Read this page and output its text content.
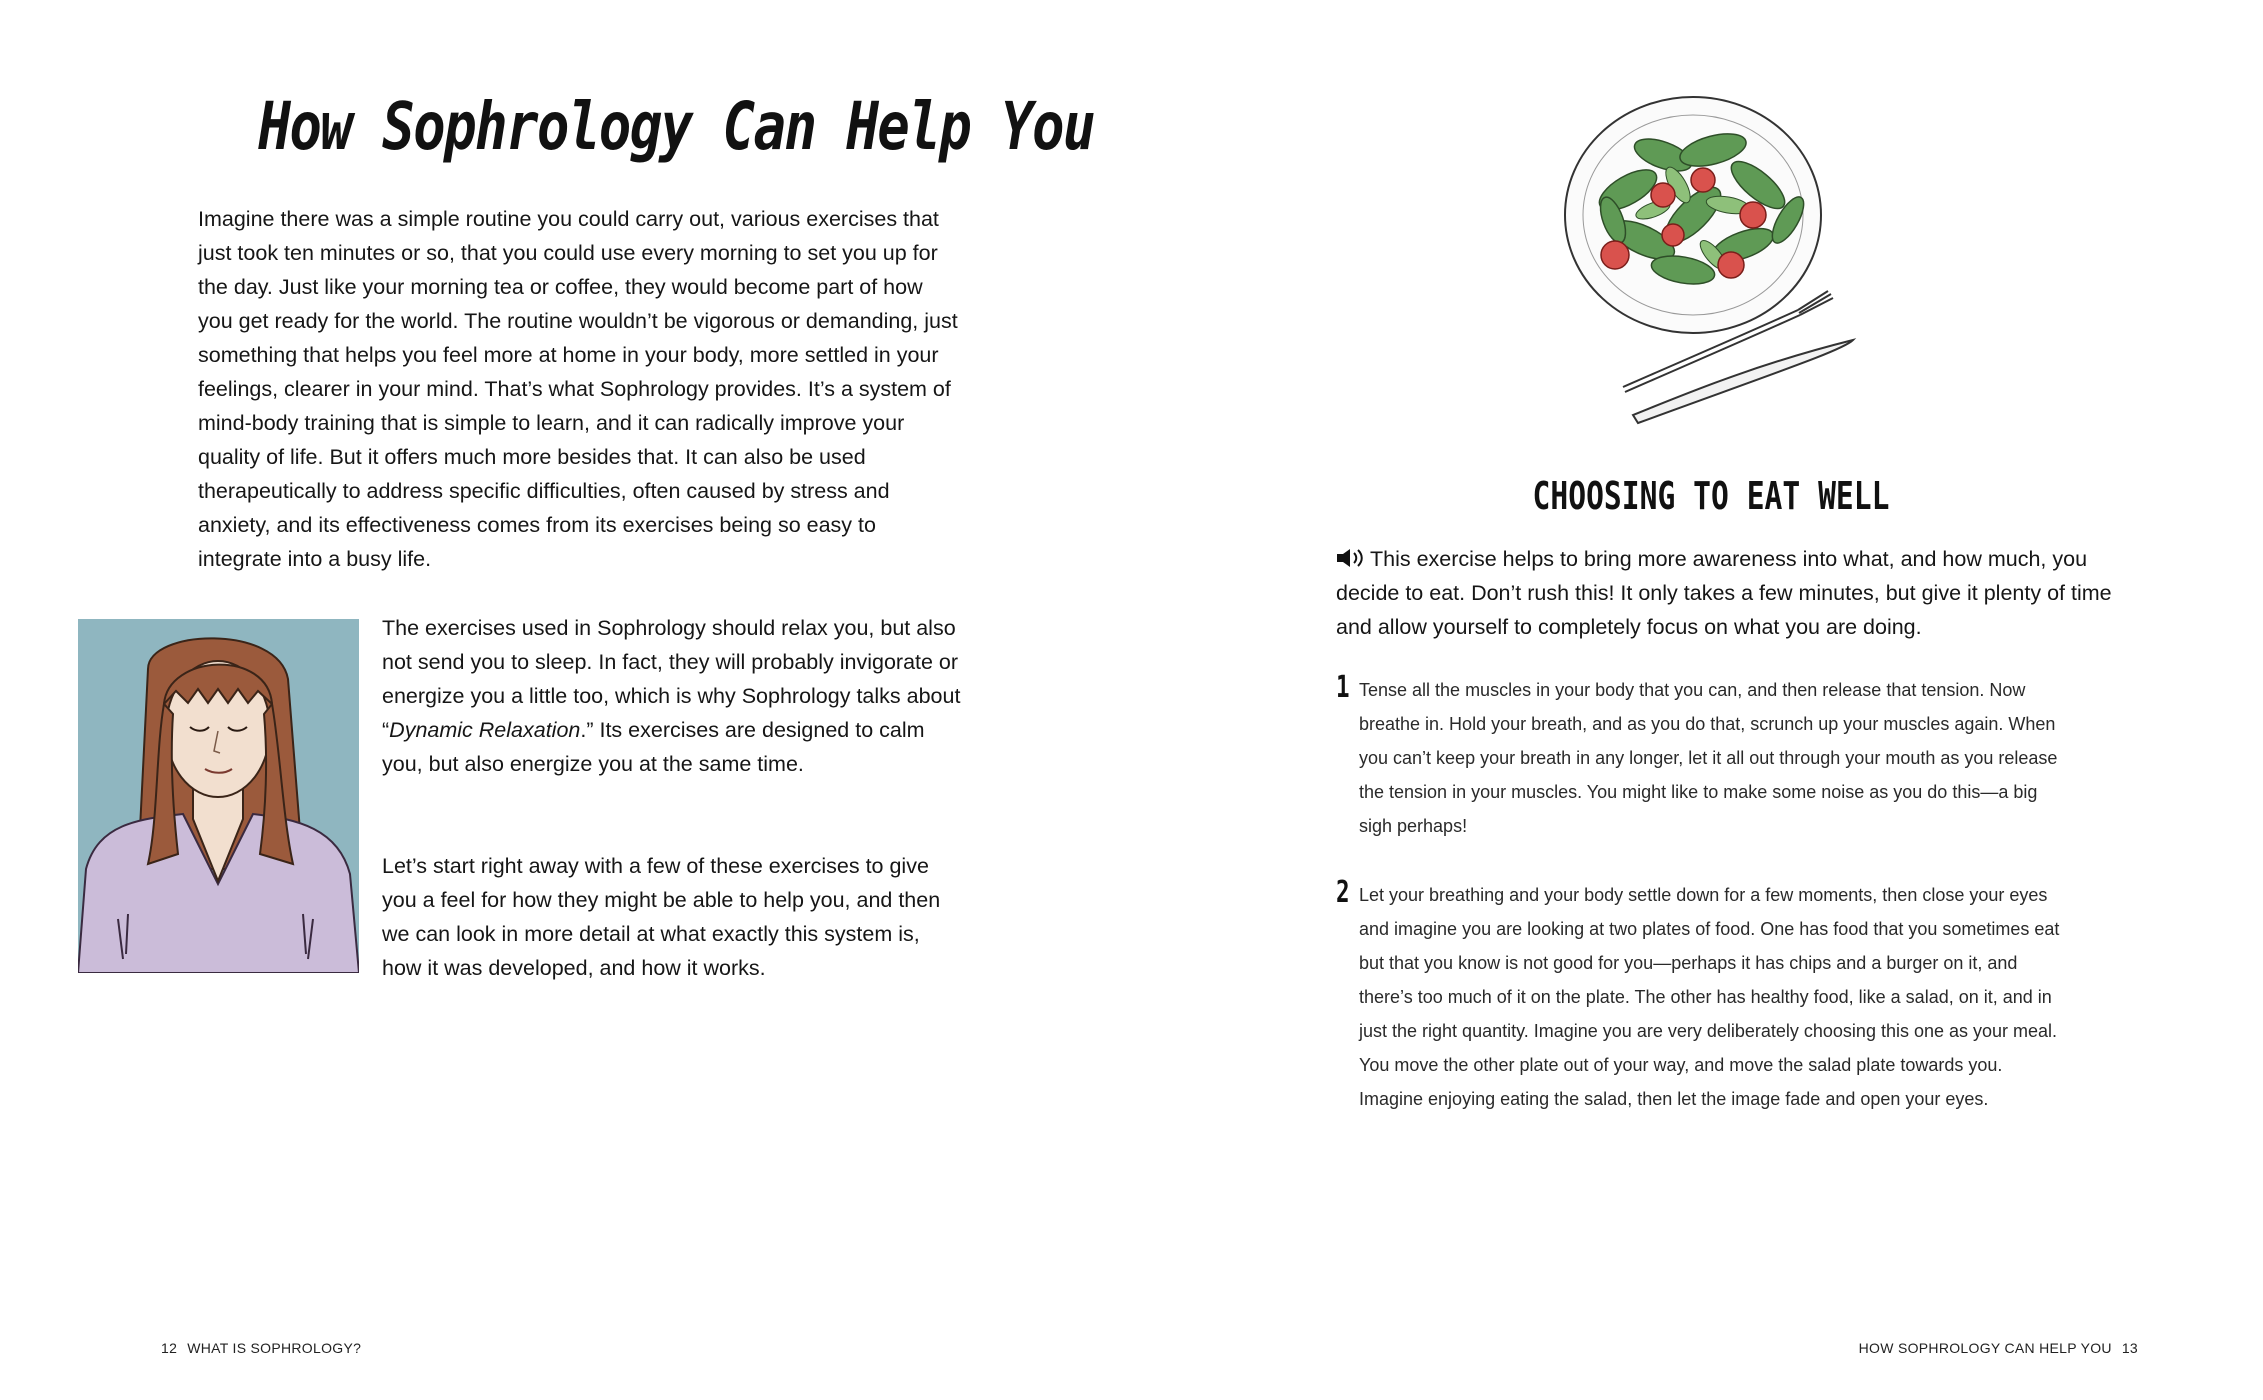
How Sophrology Can Help You

Imagine there was a simple routine you could carry out, various exercises that just took ten minutes or so, that you could use every morning to set you up for the day. Just like your morning tea or coffee, they would become part of how you get ready for the world. The routine wouldn’t be vigorous or demanding, just something that helps you feel more at home in your body, more settled in your feelings, clearer in your mind. That’s what Sophrology provides. It’s a system of mind-body training that is simple to learn, and it can radically improve your quality of life. But it offers much more besides that. It can also be used therapeutically to address specific difficulties, often caused by stress and anxiety, and its effectiveness comes from its exercises being so easy to integrate into a busy life.

The exercises used in Sophrology should relax you, but also not send you to sleep. In fact, they will probably invigorate or energize you a little too, which is why Sophrology talks about “Dynamic Relaxation.” Its exercises are designed to calm you, but also energize you at the same time.

Let’s start right away with a few of these exercises to give you a feel for how they might be able to help you, and then we can look in more detail at what exactly this system is, how it was developed, and how it works.

12 WHAT IS SOPHROLOGY?
CHOOSING TO EAT WELL

This exercise helps to bring more awareness into what, and how much, you decide to eat. Don’t rush this! It only takes a few minutes, but give it plenty of time and allow yourself to completely focus on what you are doing.

1 Tense all the muscles in your body that you can, and then release that tension. Now breathe in. Hold your breath, and as you do that, scrunch up your muscles again. When you can’t keep your breath in any longer, let it all out through your mouth as you release the tension in your muscles. You might like to make some noise as you do this—a big sigh perhaps!

2 Let your breathing and your body settle down for a few moments, then close your eyes and imagine you are looking at two plates of food. One has food that you sometimes eat but that you know is not good for you—perhaps it has chips and a burger on it, and there’s too much of it on the plate. The other has healthy food, like a salad, on it, and in just the right quantity. Imagine you are very deliberately choosing this one as your meal. You move the other plate out of your way, and move the salad plate towards you. Imagine enjoying eating the salad, then let the image fade and open your eyes.

HOW SOPHROLOGY CAN HELP YOU 13
